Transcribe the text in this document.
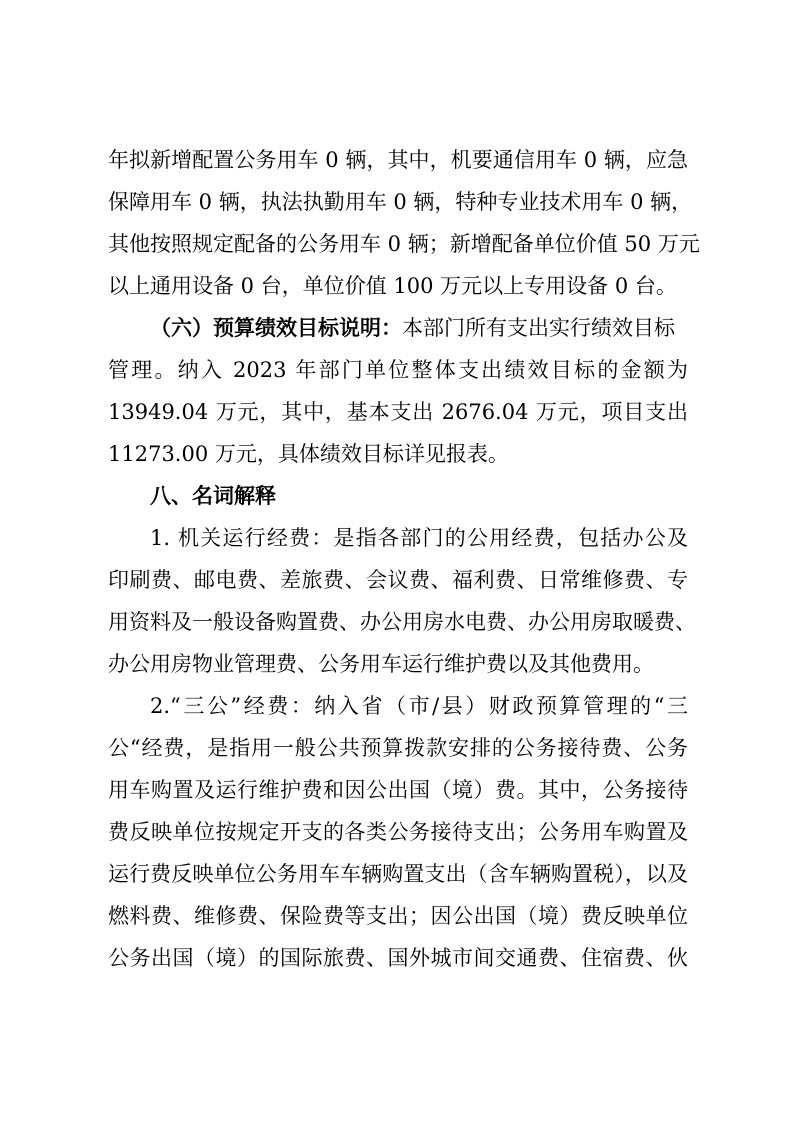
年拟新增配置公务用车 0 辆，其中，机要通信用车 0 辆，应急
保障用车 0 辆，执法执勤用车 0 辆，特种专业技术用车 0 辆，
其他按照规定配备的公务用车 0 辆；新增配备单位价值 50 万元
以上通用设备 0 台，单位价值 100 万元以上专用设备 0 台。
（六）预算绩效目标说明：本部门所有支出实行绩效目标
管理。纳入 2023 年部门单位整体支出绩效目标的金额为
13949.04 万元，其中，基本支出 2676.04 万元，项目支出
11273.00 万元，具体绩效目标详见报表。
八、名词解释
1. 机关运行经费：是指各部门的公用经费，包括办公及
印刷费、邮电费、差旅费、会议费、福利费、日常维修费、专
用资料及一般设备购置费、办公用房水电费、办公用房取暖费、
办公用房物业管理费、公务用车运行维护费以及其他费用。
2.“三公”经费：纳入省（市/县）财政预算管理的“三
公“经费，是指用一般公共预算拨款安排的公务接待费、公务
用车购置及运行维护费和因公出国（境）费。其中，公务接待
费反映单位按规定开支的各类公务接待支出；公务用车购置及
运行费反映单位公务用车车辆购置支出（含车辆购置税），以及
燃料费、维修费、保险费等支出；因公出国（境）费反映单位
公务出国（境）的国际旅费、国外城市间交通费、住宿费、伙
